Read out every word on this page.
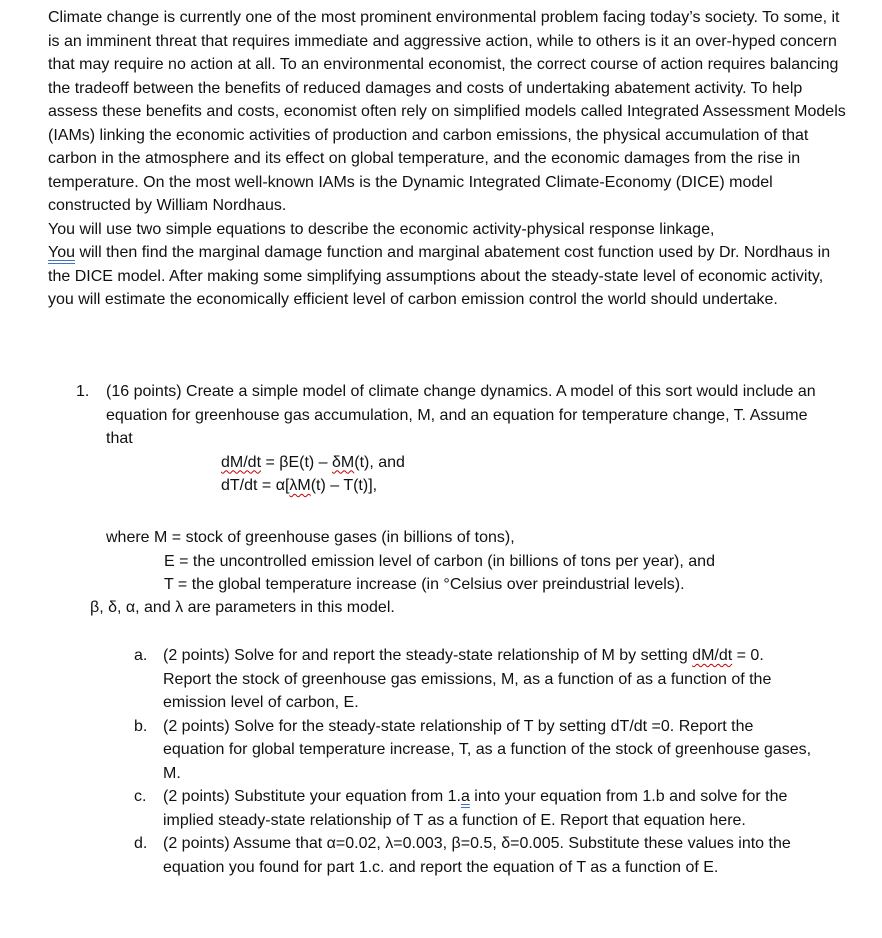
Climate change is currently one of the most prominent environmental problem facing today’s society. To some, it is an imminent threat that requires immediate and aggressive action, while to others is it an over-hyped concern that may require no action at all. To an environmental economist, the correct course of action requires balancing the tradeoff between the benefits of reduced damages and costs of undertaking abatement activity. To help assess these benefits and costs, economist often rely on simplified models called Integrated Assessment Models (IAMs) linking the economic activities of production and carbon emissions, the physical accumulation of that carbon in the atmosphere and its effect on global temperature, and the economic damages from the rise in temperature. On the most well-known IAMs is the Dynamic Integrated Climate-Economy (DICE) model constructed by William Nordhaus.

You will use two simple equations to describe the economic activity-physical response linkage,
You will then find the marginal damage function and marginal abatement cost function used by Dr. Nordhaus in the DICE model. After making some simplifying assumptions about the steady-state level of economic activity, you will estimate the economically efficient level of carbon emission control the world should undertake.

1. (16 points) Create a simple model of climate change dynamics. A model of this sort would include an equation for greenhouse gas accumulation, M, and an equation for temperature change, T. Assume that
dM/dt = βE(t) – δM(t), and
dT/dt = α[λM(t) – T(t)],
where M = stock of greenhouse gases (in billions of tons),
E = the uncontrolled emission level of carbon (in billions of tons per year), and
T = the global temperature increase (in °Celsius over preindustrial levels).
β, δ, α, and λ are parameters in this model.
a. (2 points) Solve for and report the steady-state relationship of M by setting dM/dt = 0. Report the stock of greenhouse gas emissions, M, as a function of as a function of the emission level of carbon, E.
b. (2 points) Solve for the steady-state relationship of T by setting dT/dt =0. Report the equation for global temperature increase, T, as a function of the stock of greenhouse gases, M.
c. (2 points) Substitute your equation from 1.a into your equation from 1.b and solve for the implied steady-state relationship of T as a function of E. Report that equation here.
d. (2 points) Assume that α=0.02, λ=0.003, β=0.5, δ=0.005. Substitute these values into the equation you found for part 1.c. and report the equation of T as a function of E.
